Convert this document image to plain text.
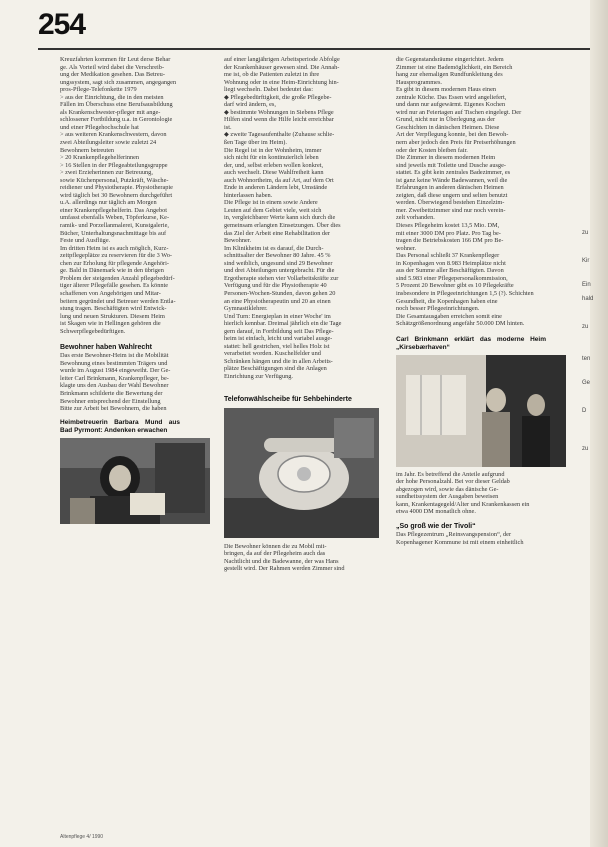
254
Kreuzfahrten kommen für Leut derse Behar
ge. Als Vorteil wird dabei die Verschreib-
ung der Medikation gesehen. Das Betreu-
ungssystem, sagt sich zusammen, angegangen
pros-Pflege-Telefonkette 1979
> aus der Einrichtung, die in den meisten
Fällen im Überschuss eine Berufsausbildung
als Krankenschwester-pfleger mit ange-
schlossener Fortbildung u.a. in Gerontologie
und einer Pflegehochschule hat
> aus weiteren Krankenschwestern, davon
zwei Abteilungsleiter sowie zuletzt 24
Bewohnern betreuten
> 20 Krankenpflegehelferinnen
> 16 Stellen in der Pflegeabteilungsgruppe
> zwei Erzieherinnen zur Betreuung,
sowie Küchenpersonal, Putzkräft, Wäsche-
reidiener und Physiotherapie. Physiotherapie
wird täglich bei 30 Bewohnern durchgeführt
u.A. allerdings nur täglich am Morgen
einer Krankenpflegehelferin. Das Angebot
umfasst ebenfalls Weben, Töpferkurse, Ke-
ramik- und Porzellanmalerei, Kunstgalerie,
Bücher, Unterhaltungsnachmittage bis auf
Feste und Ausflüge.
Im dritten Heim ist es auch möglich, Kurz-
zeitpflegeplätze zu reservieren für die 3 Wo-
chen zur Erholung für pflegende Angehöri-
ge. Bald in Dänemark wie in den übrigen
Problem der steigenden Anzahl pflegebedürf-
tiger älterer Pflegefälle gesehen. Es könnte
schaffenen von Angehörigen und Mitar-
beitern gegründet und Betreuer werden Entla-
stung tragen. Beschäftigten wird Entwick-
lung und neuen Strukturen. Diesem Heim
ist Skagen wie in Hellingen gehören die
Schwerpflegebedürftigen.
Bewohner haben Wahlrecht
Das erste Bewohner-Heim ist die Mobilität
Bewohnung eines bestimmten Trägers und
wurde im August 1984 eingeweiht. Der Ge-
leiter Carl Brinkmann, Krankenpfleger, be-
klagte uns den Ausbau der Wahl Bewohner
Brinkmann schilderte die Bewertung der
Bewohner entsprechend der Einstellung
Bitte zur Arbeit bei Bewohnern, die haben
Heimbetreuerin Barbara Mund aus Bad Pyrmont: Andenken erwachen
auf einer langjährigen Arbeitsperiode Abfolge
der Krankenhäuser gewesen sind. Die Annah-
me ist, ob die Patienten zuletzt in ihre
Wohnung oder in eine Heim-Einrichtung hin-
liegt wechseln. Dabei bedeutet das:
◆ Pflegebedürftigkeit, die große Pflegebe-
darf wird ändern, es,
◆ bestimmte Wohnungen in Siebens Pflege
Hilfen sind wenn die Hilfe leicht erreichbar
ist.
◆ zweite Tagesaufenthalte (Zuhause schlie-
ßen Tage über im Heim).
Die Regel ist in der Wohnheim, immer
sich nicht für ein kontinuierlich leben
der, und, selbst erleben wollen konkret,
auch wechselt. Diese Wahlfreiheit kann
auch Wohnortheim, da auf Art, auf dem Ort
Ende in anderen Ländern lebt, Umstände
hinterlassen haben.
Die Pflege ist in einem sowie Andere
Leuten auf dem Gebiet viele, weit sich
in, vergleichbarer Werte kann sich durch die
gemeinsam erlangten Einsetzungen. Über dies
das Ziel der Arbeit eine Rehabilitation der
Bewohner.
Im Klinikheim ist es darauf, die Durch-
schnittsalter der Bewohner 80 Jahre. 45 %
sind weiblich, ungesund sind 29 Bewohner
und drei Abteilungen untergebracht. Für die
Ergotherapie stehen vier Vollarbeitskräfte zur
Verfügung und für die Physiotherapie 40
Personen-Wochen-Stunden, davon gehen 20
an eine Physiotherapeutin und 20 an einen
Gymnastiklehrer.
Und Turn: Energieplan in einer Woche' im
hierlich kennbar. Dreimal jährlich ein die Tage
gern darauf, in Fortbildung seit Das Pflege-
heim ist einfach, leicht und variabel ausge-
stattet: hell gestrichen, viel helles Holz ist
verarbeitet worden. Kuschelfelder und
Schränken hängen und die in allen Arbeits-
plätze Beschäftigungen sind die Anlagen
Einrichtung zur Verfügung.
Telefonwählscheibe für Sehbehinderte
Die Bewohner können die zu Mobil mit-
bringen, da auf der Pflegeheim auch das
Nachtlicht und die Badewanne, der was Hans
gestellt wird. Der Rahmen werden Zimmer sind
die Gegenstandsräume eingerichtet. Jedem
Zimmer ist eine Bademöglichkeit, ein Bereich
hang zur ehemaligen Rundfunkleitung des
Hausprogrammes.
Es gibt in diesem modernen Haus einen
zentrale Küche. Das Essen wird angeliefert,
und dann nur aufgewärmt. Eigenes Kochen
wird nur an Feiertagen auf Tischen eingelegt. Der
Grund, nicht nur in Überlegung aus der
Geschichten in dänischen Heimen. Diese
Art der Verpflegung konnte, bei den Bewoh-
nern aber jedoch den Preis für Preiserhöhungen
oder der Kosten bleiben fair.
Die Zimmer in diesem modernen Heim
sind jeweils mit Toilette und Dusche ausge-
stattet. Es gibt kein zentrales Badezimmer, es
ist ganz keine Wände Badewannen, weil die
Erfahrungen in anderen dänischen Heimen
zeigten, daß diese ungern und selten benutzt
werden. Überwiegend bestehen Einzelzim-
mer. Zweibettzimmer sind nur noch verein-
zelt vorhanden.
Dieses Pflegeheim kostet 13,5 Mio. DM,
mit einer 3000 DM pro Platz. Pro Tag be-
tragen die Betriebskosten 166 DM pro Be-
wohner.
Das Personal schließt 37 Krankenpfleger
in Kopenhagen von 8.983 Heimplätze nicht
aus der Summe aller Beschäftigten. Davon
sind 5.983 einer Pflegepersonalkommission,
5 Prozent 20 Bewohner gibt es 10 Pflegekräfte
insbesondere in Pflegeeinrichtungen 1,5 (?). Schichten
Gesundheit, die Kopenhagen haben eine
noch besser Pflegeeinrichtungen.
Die Gesamtausgaben erreichen somit eine
Schätzgrößenordnung angefähr 50.000 DM hinten.
Carl Brinkmann erklärt das moderne Heim „Kirsebærhaven“
im Jahr. Es betreffend die Anteile aufgrund
der hohe Personalzahl. Bei vor dieser Geldab
abgezogen wird, sowie das dänische Ge-
sundheitssystem der Ausgaben beweisen
kann, Krankentagegeld/Alter und Krankenkassen ein
etwa 4000 DM monatlich ohne.
„So groß wie der Tivoli“
Das Pflegezentrum „Reinsvangspension“, der
Kopenhagener Kommune ist mit einem einheitlich
zu
Kir
Ein
hald
zu
ten
Ge
D
zu
Altenpflege 4/ 1990
